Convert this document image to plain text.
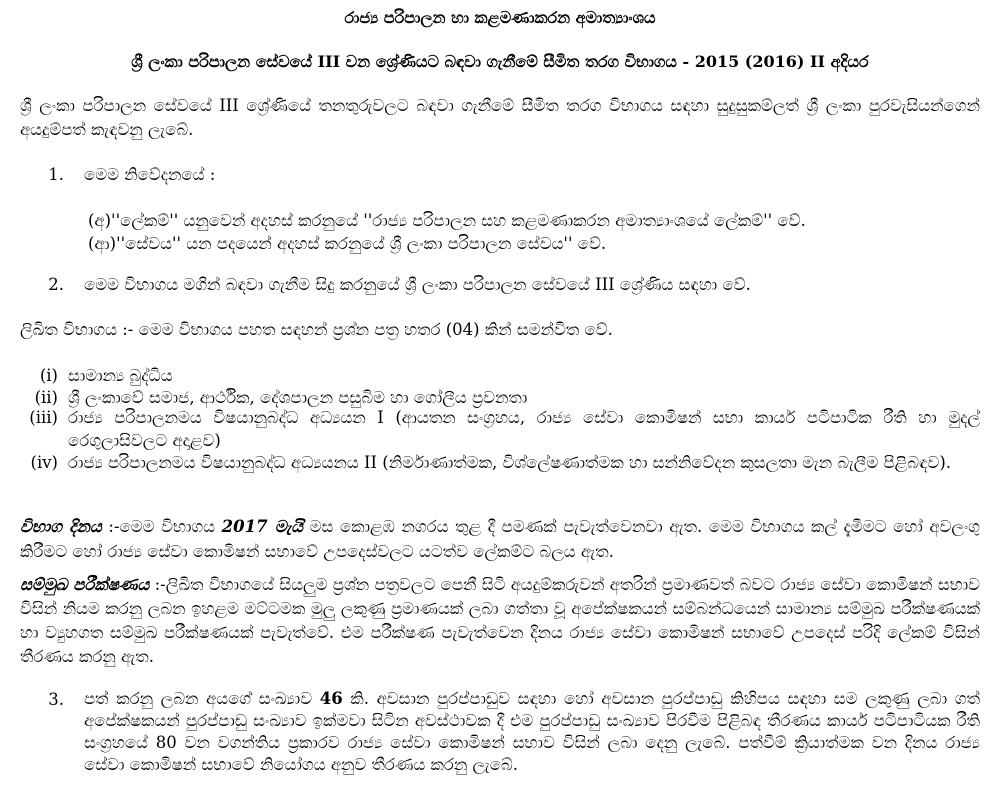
රාජ්‍ය පරිපාලන හා කළමණාකරන අමාත්‍යාංශය
ශ්‍රී ලංකා පරිපාලන සේවයේ III වන ශ්‍රේණියට බඳවා ගැනීමේ සීමිත තරග විභාගය - 2015 (2016) II අදියර
ශ්‍රී ලංකා පරිපාලන සේවයේ III ශ්‍රේණියේ තනතුරුවලට බඳවා ගැනීමේ සීමිත තරග විභාගය සඳහා සුදුසුකම්ලත් ශ්‍රී ලංකා පුරවැසියන්ගෙන් අයදුම්පත් කැඳවනු ලැබේ.
1. මෙම නිවේදනයේ :
(අ)''ලේකම්'' යනුවෙන් අදහස් කරනුයේ ''රාජ්‍ය පරිපාලන සහ කළමණාකරන අමාත්‍යාංශයේ ලේකම්'' වේ.
(ආ)''සේවය'' යන පදයෙන් අදහස් කරනුයේ ශ්‍රී ලංකා පරිපාලන සේවය'' වේ.
2. මෙම විභාගය මගින් බඳවා ගැනීම සිදු කරනුයේ ශ්‍රී ලංකා පරිපාලන සේවයේ III ශ්‍රේණිය සඳහා වේ.
ලිඛිත විභාගය :- මෙම විභාගය පහත සඳහන් ප්‍රශ්න පත්‍ර හතර (04) කින් සමන්විත වේ.
(i) සාමාන්‍ය බුද්ධිය
(ii) ශ්‍රී ලංකාවේ සමාජ, ආර්ථික, දේශපාලන පසුබිම හා ගෝලීය ප්‍රවනතා
(iii) රාජ්‍ය පරිපාලනමය විෂයානුබද්ධ අධ්‍යයන I (ආයතන සංග්‍රහය, රාජ්‍ය සේවා කොමිෂන් සභා කාර්ය පටිපාටික රීති හා මුදල් රෙගුලාසිවලට අදාළව)
(iv) රාජ්‍ය පරිපාලනමය විෂයානුබද්ධ අධ්‍යයනය II (නිර්මාණාත්මක, විශ්ලේෂණාත්මක හා සන්නිවේදන කුසලතා මැන බැලීම පිළිබඳව).
විභාග දිනය :-මෙම විභාගය 2017 මැයි මස කොළඹ නගරය තුළ දී පමණක් පැවැත්වෙනවා ඇත. මෙම විභාගය කල් දැමීමට හෝ අවලංගු කිරීමට හෝ රාජ්‍ය සේවා කොමිෂන් සභාවේ උපදෙස්වලට යටත්ව ලේකම්ට බලය ඇත.
සම්මුඛ පරීක්ෂණය :-ලිඛිත විභාගයේ සියලුම ප්‍රශ්න පත්‍රවලට පෙනී සිටි අයදුම්කරුවන් අතරින් ප්‍රමාණවත් බවට රාජ්‍ය සේවා කොමිෂන් සභාව විසින් නියම කරනු ලබන ඉහළම මට්ටමක මුලු ලකුණු ප්‍රමාණයක් ලබා ගත්තා වූ අපේක්ෂකයන් සම්බන්ධයෙන් සාමාන්‍ය සම්මුඛ පරීක්ෂණයක් හා ව්‍යුහගත සම්මුඛ පරීක්ෂණයක් පැවැත්වේ. එම පරීක්ෂණ පැවැත්වෙන දිනය රාජ්‍ය සේවා කොමිෂන් සභාවේ උපදෙස් පරිදි ලේකම් විසින් තීරණය කරනු ඇත.
3. පත් කරනු ලබන අයගේ සංඛ්‍යාව 46 කි. අවසාන පුරප්පාඩුව සඳහා හෝ අවසාන පුරප්පාඩු කිහිපය සඳහා සම ලකුණු ලබා ගත් අපේක්ෂකයන් පුරප්පාඩු සංඛ්‍යාව ඉක්මවා සිටින අවස්ථාවක දී එම පුරප්පාඩු සංඛ්‍යාව පිරවීම පිළිබඳ තීරණය කාර්ය පටිපාටියක රීති සංග්‍රහයේ 80 වන වගන්තිය ප්‍රකාරව රාජ්‍ය සේවා කොමිෂන් සභාව විසින් ලබා දෙනු ලැබේ. පත්වීම් ක්‍රියාත්මක වන දිනය රාජ්‍ය සේවා කොමිෂන් සභාවේ නියෝගය අනුව තීරණය කරනු ලැබේ.
